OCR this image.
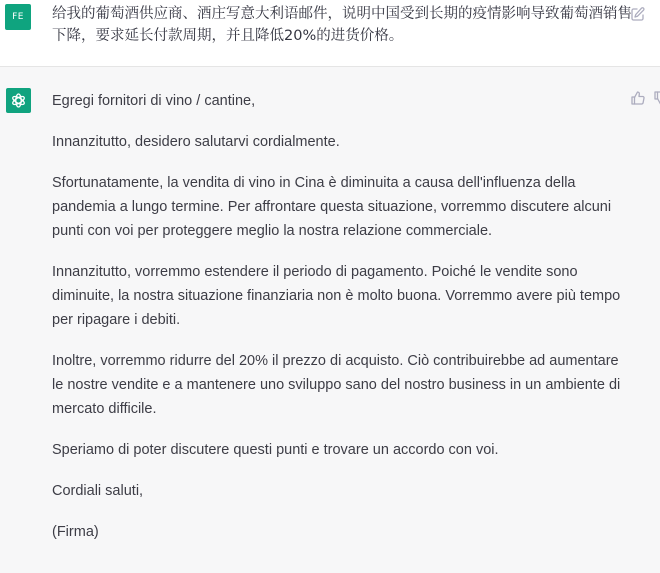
FE	给我的葡萄酒供应商、酒庄写意大利语邮件，说明中国受到长期的疫情影响导致葡萄酒销售
下降，要求延长付款周期，并且降低20%的进货价格。

Egregi fornitori di vino / cantine,

Innanzitutto, desidero salutarvi cordialmente.

Sfortunatamente, la vendita di vino in Cina è diminuita a causa dell'influenza della
pandemia a lungo termine. Per affrontare questa situazione, vorremmo discutere alcuni
punti con voi per proteggere meglio la nostra relazione commerciale.

Innanzitutto, vorremmo estendere il periodo di pagamento. Poiché le vendite sono
diminuite, la nostra situazione finanziaria non è molto buona. Vorremmo avere più tempo
per ripagare i debiti.

Inoltre, vorremmo ridurre del 20% il prezzo di acquisto. Ciò contribuirebbe ad aumentare
le nostre vendite e a mantenere uno sviluppo sano del nostro business in un ambiente di
mercato difficile.

Speriamo di poter discutere questi punti e trovare un accordo con voi.

Cordiali saluti,

(Firma)
